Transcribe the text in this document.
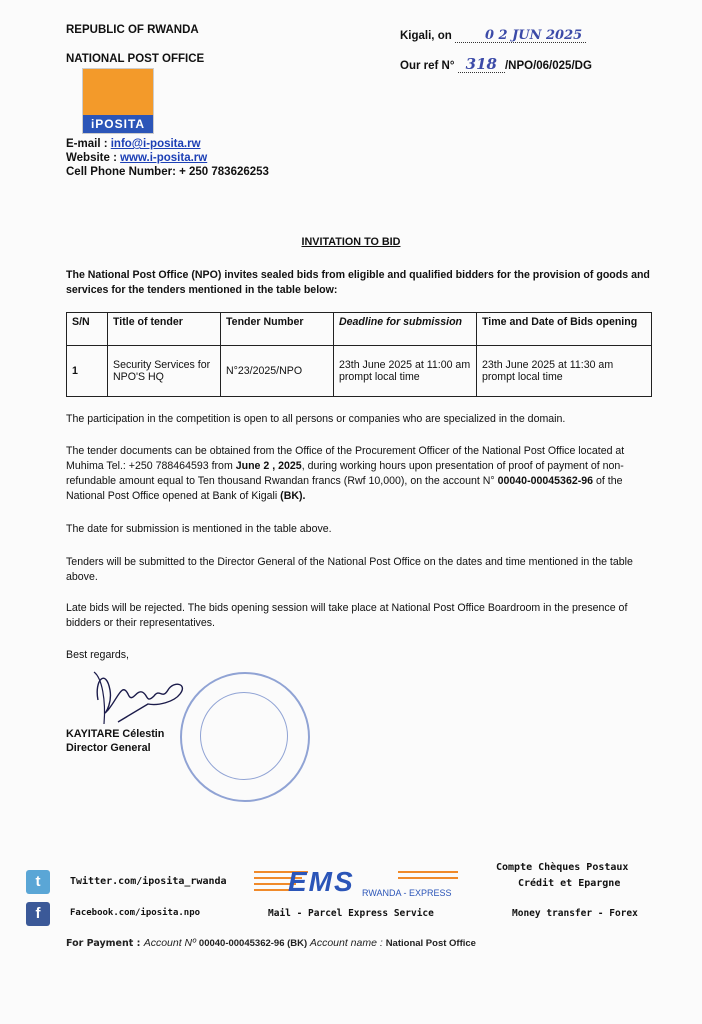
REPUBLIC OF RWANDA
NATIONAL POST OFFICE
iPOSITA
E-mail : info@i-posita.rw
Website : www.i-posita.rw
Cell Phone Number: + 250 783626253
Kigali, on 0 2 JUN 2025
Our ref N° 318 /NPO/06/025/DG
INVITATION TO BID
The National Post Office (NPO) invites sealed bids from eligible and qualified bidders for the provision of goods and services for the tenders mentioned in the table below:
S/N	Title of tender	Tender Number	Deadline for submission	Time and Date of Bids opening
1	Security Services for NPO'S HQ	N°23/2025/NPO	23th June 2025 at 11:00 am prompt local time	23th June 2025 at 11:30 am prompt local time
The participation in the competition is open to all persons or companies who are specialized in the domain.
The tender documents can be obtained from the Office of the Procurement Officer of the National Post Office located at Muhima Tel.: +250 788464593 from June 2 , 2025, during working hours upon presentation of proof of payment of non-refundable amount equal to Ten thousand Rwandan francs (Rwf 10,000), on the account N° 00040-00045362-96 of the National Post Office opened at Bank of Kigali (BK).
The date for submission is mentioned in the table above.
Tenders will be submitted to the Director General of the National Post Office on the dates and time mentioned in the table above.
Late bids will be rejected. The bids opening session will take place at National Post Office Boardroom in the presence of bidders or their representatives.
Best regards,
KAYITARE Célestin
Director General
t	Twitter.com/iposita_rwanda
f	Facebook.com/iposita.npo
EMS RWANDA - EXPRESS
Mail - Parcel Express Service
Compte Chèques Postaux
Crédit et Epargne
Money transfer - Forex
For Payment : Account Nº 00040-00045362-96 (BK) Account name : National Post Office
